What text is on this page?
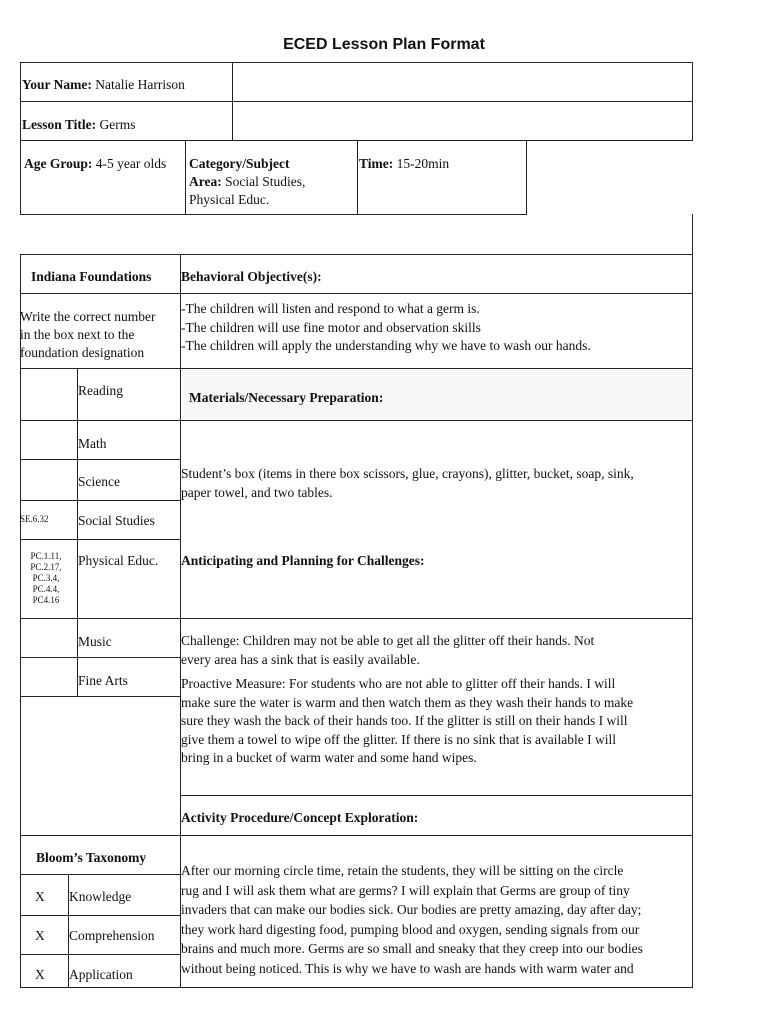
ECED Lesson Plan Format
Your Name: Natalie Harrison
Lesson Title: Germs
Age Group: 4-5 year olds Category/Subject
Area: Social Studies,
Physical Educ.
Time: 15-20min
Indiana Foundations
Write the correct number
in the box next to the
foundation designation
Reading
Math
Science
SE.6.32 Social Studies
PC.1.11,
PC.2.17,
PC.3.4,
PC.4.4,
PC4.16
Physical Educ.
Music
Fine Arts
Bloom’s Taxonomy
X Knowledge
X Comprehension
X Application
Behavioral Objective(s):

-The children will listen and respond to what a germ is.

-The children will use fine motor and observation skills

-The children will apply the understanding why we have to wash our hands.

Materials/Necessary Preparation:

Student’s box (items in there box scissors, glue, crayons), glitter, bucket, soap, sink,

paper towel, and two tables.

Anticipating and Planning for Challenges:

Challenge: Children may not be able to get all the glitter off their hands. Not

every area has a sink that is easily available.

Proactive Measure: For students who are not able to glitter off their hands. I will

make sure the water is warm and then watch them as they wash their hands to make

sure they wash the back of their hands too. If the glitter is still on their hands I will

give them a towel to wipe off the glitter. If there is no sink that is available I will

bring in a bucket of warm water and some hand wipes.

Activity Procedure/Concept Exploration:
After our morning circle time, retain the students, they will be sitting on the circle
rug and I will ask them what are germs? I will explain that Germs are group of tiny
invaders that can make our bodies sick. Our bodies are pretty amazing, day after day;
they work hard digesting food, pumping blood and oxygen, sending signals from our
brains and much more. Germs are so small and sneaky that they creep into our bodies
without being noticed. This is why we have to wash are hands with warm water and
